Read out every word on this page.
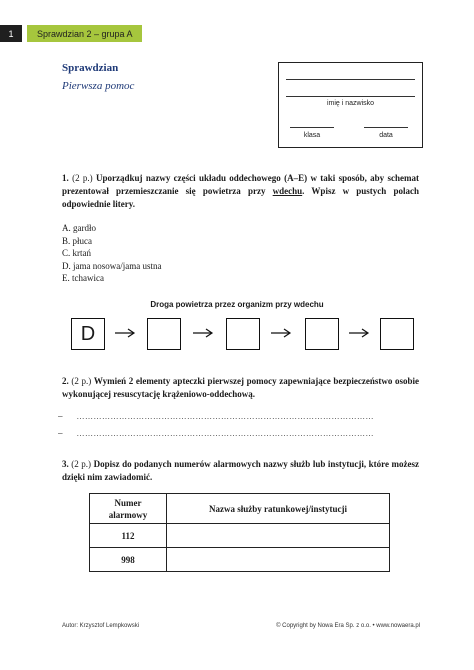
1	Sprawdzian 2 – grupa A
Sprawdzian
Pierwsza pomoc
imię i nazwisko
klasa	data
1. (2 p.) Uporządkuj nazwy części układu oddechowego (A–E) w taki sposób, aby schemat prezentował przemieszczanie się powietrza przy wdechu. Wpisz w pustych polach odpowiednie litery.
A. gardło
B. płuca
C. krtań
D. jama nosowa/jama ustna
E. tchawica
Droga powietrza przez organizm przy wdechu
D
2. (2 p.) Wymień 2 elementy apteczki pierwszej pomocy zapewniające bezpieczeństwo osobie wykonującej resuscytację krążeniowo-oddechową.
– ……………………………………………………………………………………………
– ……………………………………………………………………………………………
3. (2 p.) Dopisz do podanych numerów alarmowych nazwy służb lub instytucji, które możesz dzięki nim zawiadomić.
Numer
alarmowy	Nazwa służby ratunkowej/instytucji
112	
998	
Autor: Krzysztof Lempkowski	© Copyright by Nowa Era Sp. z o.o. • www.nowaera.pl
